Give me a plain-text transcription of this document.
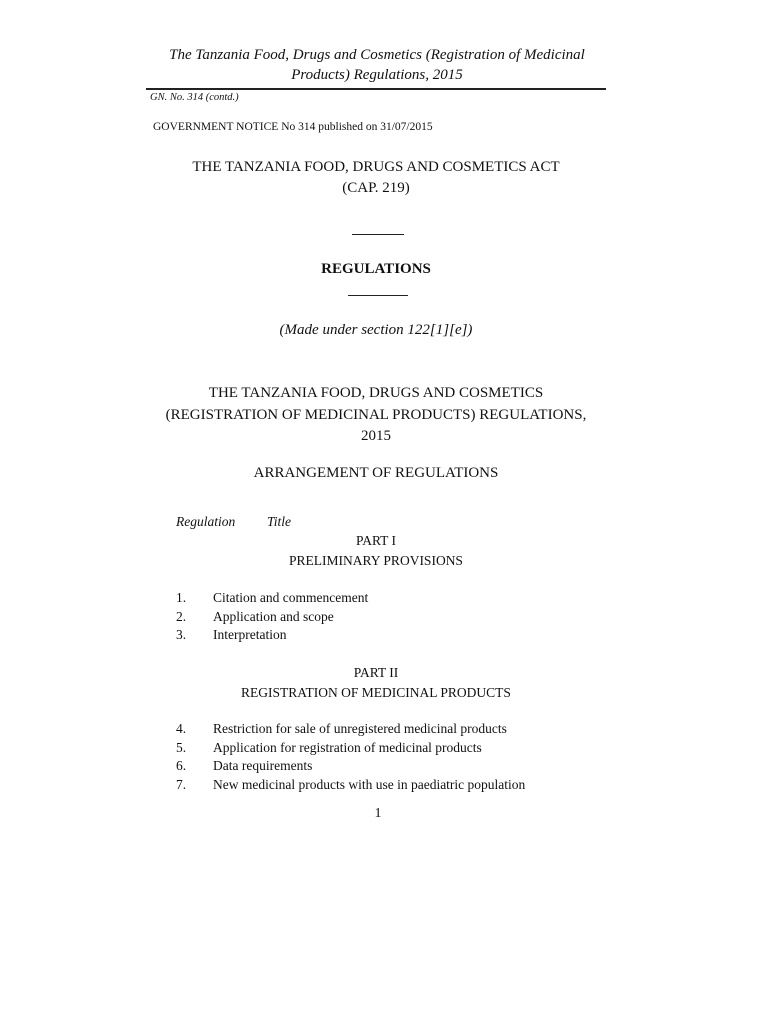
The Tanzania Food, Drugs and Cosmetics (Registration of Medicinal
Products) Regulations, 2015
GN. No. 314 (contd.)
GOVERNMENT NOTICE No 314 published on 31/07/2015
THE TANZANIA FOOD, DRUGS AND COSMETICS ACT
(CAP. 219)
REGULATIONS
(Made under section 122[1][e])
THE TANZANIA FOOD, DRUGS AND COSMETICS
(REGISTRATION OF MEDICINAL PRODUCTS) REGULATIONS,
2015
ARRANGEMENT OF REGULATIONS
Regulation Title
PART I
PRELIMINARY PROVISIONS
1. Citation and commencement
2. Application and scope
3. Interpretation
PART II
REGISTRATION OF MEDICINAL PRODUCTS
4. Restriction for sale of unregistered medicinal products
5. Application for registration of medicinal products
6. Data requirements
7. New medicinal products with use in paediatric population
1
